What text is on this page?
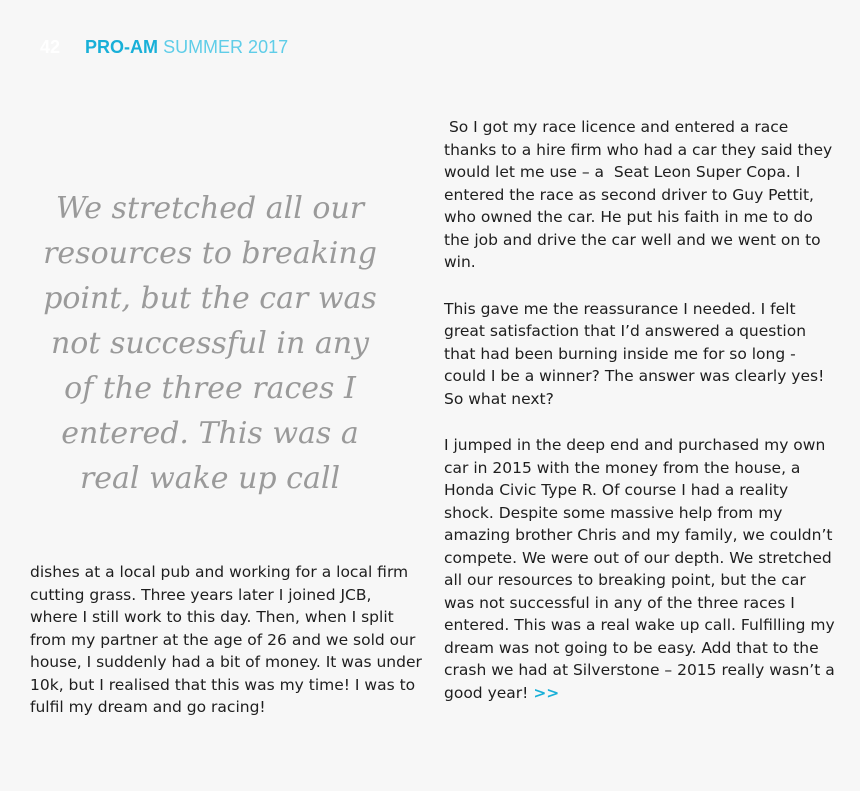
42 PRO-AM SUMMER 2017
We stretched all our resources to breaking point, but the car was not successful in any of the three races I entered. This was a real wake up call

dishes at a local pub and working for a local firm cutting grass. Three years later I joined JCB, where I still work to this day. Then, when I split from my partner at the age of 26 and we sold our house, I suddenly had a bit of money. It was under 10k, but I realised that this was my time! I was to fulfil my dream and go racing!

So I got my race licence and entered a race thanks to a hire firm who had a car they said they would let me use – a  Seat Leon Super Copa. I entered the race as second driver to Guy Pettit, who owned the car. He put his faith in me to do the job and drive the car well and we went on to win.

This gave me the reassurance I needed. I felt great satisfaction that I’d answered a question that had been burning inside me for so long - could I be a winner? The answer was clearly yes! So what next?

I jumped in the deep end and purchased my own car in 2015 with the money from the house, a Honda Civic Type R. Of course I had a reality shock. Despite some massive help from my amazing brother Chris and my family, we couldn’t compete. We were out of our depth. We stretched all our resources to breaking point, but the car was not successful in any of the three races I entered. This was a real wake up call. Fulfilling my dream was not going to be easy. Add that to the crash we had at Silverstone – 2015 really wasn’t a good year! >>
